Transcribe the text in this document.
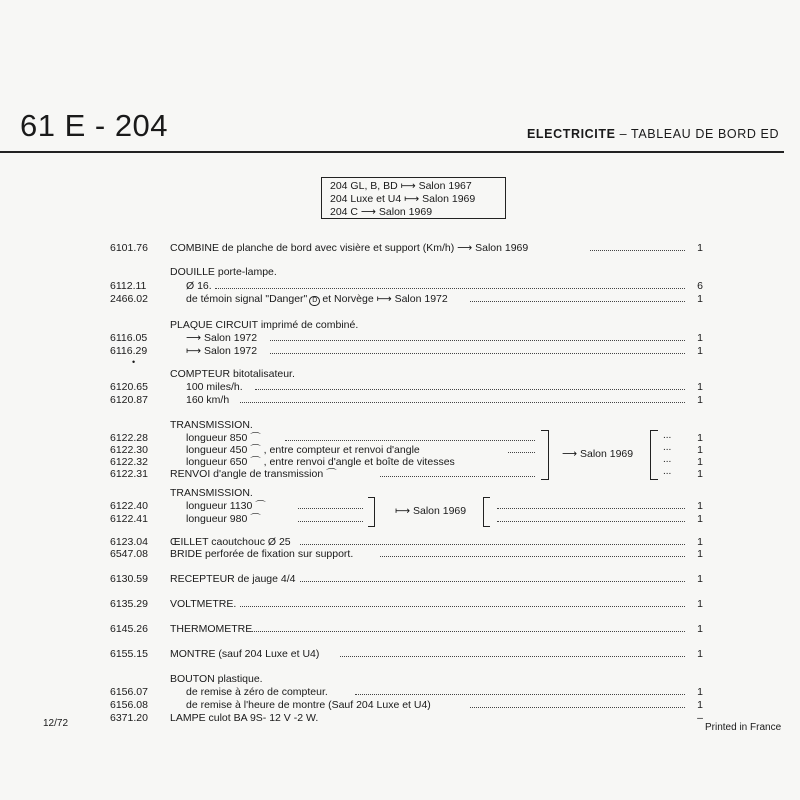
61 E - 204	ELECTRICITE – TABLEAU DE BORD ED
204 GL, B, BD ⟼ Salon 1967
204 Luxe et U4 ⟼ Salon 1969
204 C ⟶ Salon 1969
6101.76 COMBINE de planche de bord avec visière et support (Km/h) ⟶ Salon 1969	1
DOUILLE porte-lampe.
6112.11	Ø 16.	6
2466.02	de témoin signal "Danger" D et Norvège ⟼ Salon 1972	1
PLAQUE CIRCUIT imprimé de combiné.
6116.05	⟶ Salon 1972	1
6116.29	⟼ Salon 1972	1
•
COMPTEUR bitotalisateur.
6120.65	100 miles/h.	1
6120.87	160 km/h	1
TRANSMISSION.
6122.28	longueur 850 ⌒	1
6122.30	longueur 450 ⌒ , entre compteur et renvoi d'angle	1
6122.32	longueur 650 ⌒ , entre renvoi d'angle et boîte de vitesses	1
6122.31 RENVOI d'angle de transmission ⌒	1
⟶ Salon 1969
...
...
...
...
TRANSMISSION.
6122.40	longueur 1130 ⌒	1
6122.41	longueur 980 ⌒	1
⟼ Salon 1969
6123.04 ŒILLET caoutchouc Ø 25	1
6547.08 BRIDE perforée de fixation sur support.	1
6130.59 RECEPTEUR de jauge 4/4	1
6135.29 VOLTMETRE.	1
6145.26 THERMOMETRE	1
6155.15 MONTRE (sauf 204 Luxe et U4)	1
BOUTON plastique.
6156.07	de remise à zéro de compteur.	1
6156.08	de remise à l'heure de montre (Sauf 204 Luxe et U4)	1
6371.20 LAMPE culot BA 9S- 12 V -2 W.	–
12/72	Printed in France
